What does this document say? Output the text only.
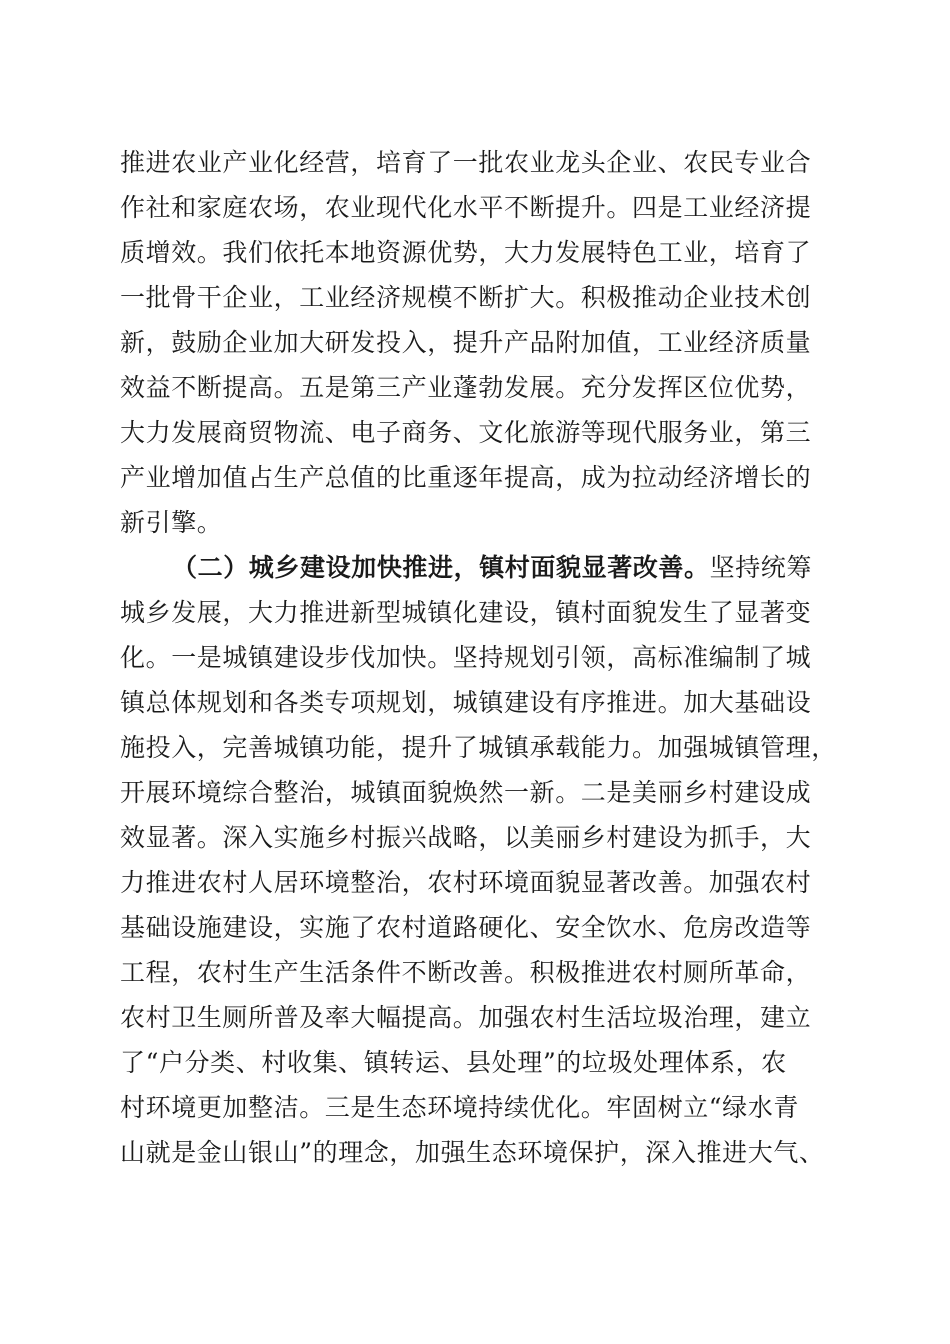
推进农业产业化经营，培育了一批农业龙头企业、农民专业合
作社和家庭农场，农业现代化水平不断提升。四是工业经济提
质增效。我们依托本地资源优势，大力发展特色工业，培育了
一批骨干企业，工业经济规模不断扩大。积极推动企业技术创
新，鼓励企业加大研发投入，提升产品附加值，工业经济质量
效益不断提高。五是第三产业蓬勃发展。充分发挥区位优势，
大力发展商贸物流、电子商务、文化旅游等现代服务业，第三
产业增加值占生产总值的比重逐年提高，成为拉动经济增长的
新引擎。
（二）城乡建设加快推进，镇村面貌显著改善。坚持统筹
城乡发展，大力推进新型城镇化建设，镇村面貌发生了显著变
化。一是城镇建设步伐加快。坚持规划引领，高标准编制了城
镇总体规划和各类专项规划，城镇建设有序推进。加大基础设
施投入，完善城镇功能，提升了城镇承载能力。加强城镇管理，
开展环境综合整治，城镇面貌焕然一新。二是美丽乡村建设成
效显著。深入实施乡村振兴战略，以美丽乡村建设为抓手，大
力推进农村人居环境整治，农村环境面貌显著改善。加强农村
基础设施建设，实施了农村道路硬化、安全饮水、危房改造等
工程，农村生产生活条件不断改善。积极推进农村厕所革命，
农村卫生厕所普及率大幅提高。加强农村生活垃圾治理，建立
了“户分类、村收集、镇转运、县处理”的垃圾处理体系，农
村环境更加整洁。三是生态环境持续优化。牢固树立“绿水青
山就是金山银山”的理念，加强生态环境保护，深入推进大气、
